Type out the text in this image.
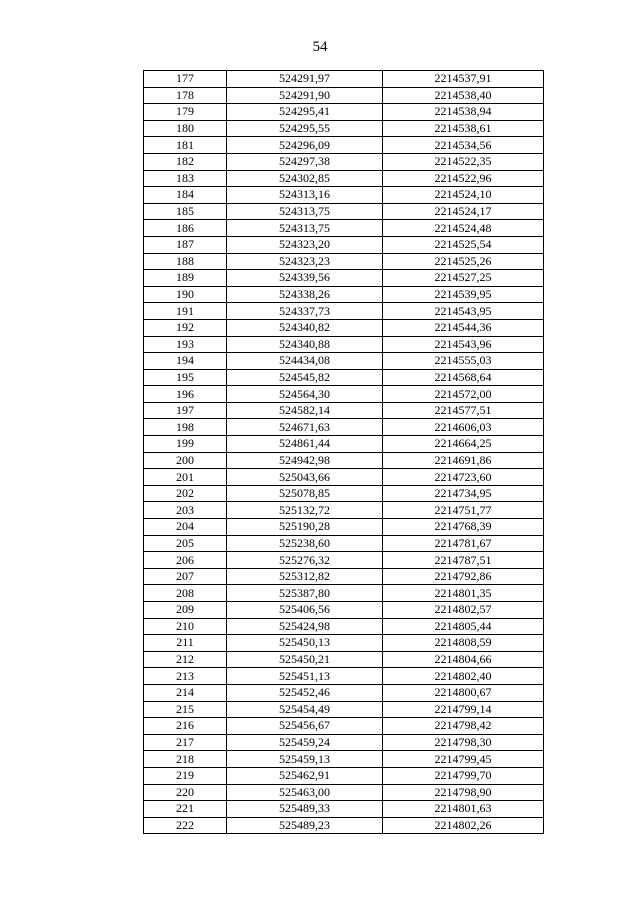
54
177	524291,97	2214537,91
178	524291,90	2214538,40
179	524295,41	2214538,94
180	524295,55	2214538,61
181	524296,09	2214534,56
182	524297,38	2214522,35
183	524302,85	2214522,96
184	524313,16	2214524,10
185	524313,75	2214524,17
186	524313,75	2214524,48
187	524323,20	2214525,54
188	524323,23	2214525,26
189	524339,56	2214527,25
190	524338,26	2214539,95
191	524337,73	2214543,95
192	524340,82	2214544,36
193	524340,88	2214543,96
194	524434,08	2214555,03
195	524545,82	2214568,64
196	524564,30	2214572,00
197	524582,14	2214577,51
198	524671,63	2214606,03
199	524861,44	2214664,25
200	524942,98	2214691,86
201	525043,66	2214723,60
202	525078,85	2214734,95
203	525132,72	2214751,77
204	525190,28	2214768,39
205	525238,60	2214781,67
206	525276,32	2214787,51
207	525312,82	2214792,86
208	525387,80	2214801,35
209	525406,56	2214802,57
210	525424,98	2214805,44
211	525450,13	2214808,59
212	525450,21	2214804,66
213	525451,13	2214802,40
214	525452,46	2214800,67
215	525454,49	2214799,14
216	525456,67	2214798,42
217	525459,24	2214798,30
218	525459,13	2214799,45
219	525462,91	2214799,70
220	525463,00	2214798,90
221	525489,33	2214801,63
222	525489,23	2214802,26
